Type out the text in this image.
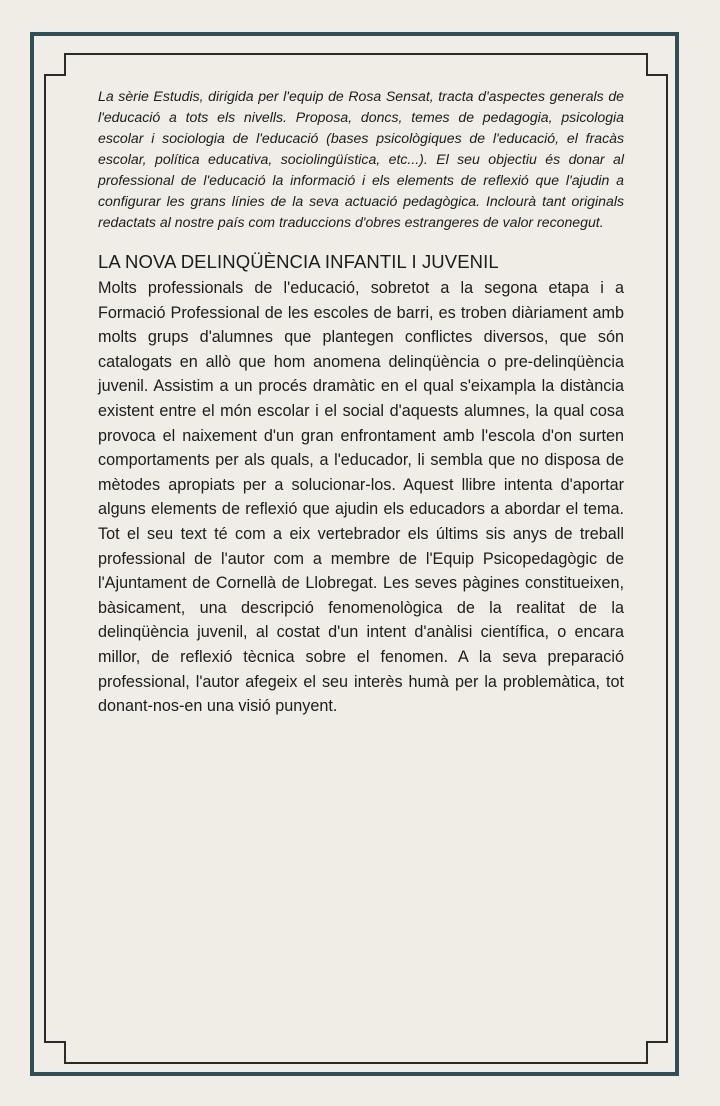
La sèrie Estudis, dirigida per l'equip de Rosa Sensat, tracta d'aspectes generals de l'educació a tots els nivells. Proposa, doncs, temes de pedagogia, psicologia escolar i sociologia de l'educació (bases psicològiques de l'educació, el fracàs escolar, política educativa, sociolingüística, etc...). El seu objectiu és donar al professional de l'educació la informació i els elements de reflexió que l'ajudin a configurar les grans línies de la seva actuació pedagògica. Inclourà tant originals redactats al nostre país com traduccions d'obres estrangeres de valor reconegut.

LA NOVA DELINQÜÈNCIA INFANTIL I JUVENIL

Molts professionals de l'educació, sobretot a la segona etapa i a Formació Professional de les escoles de barri, es troben diàriament amb molts grups d'alumnes que plantegen conflictes diversos, que són catalogats en allò que hom anomena delinqüència o pre-delinqüència juvenil. Assistim a un procés dramàtic en el qual s'eixampla la distància existent entre el món escolar i el social d'aquests alumnes, la qual cosa provoca el naixement d'un gran enfrontament amb l'escola d'on surten comportaments per als quals, a l'educador, li sembla que no disposa de mètodes apropiats per a solucionar-los. Aquest llibre intenta d'aportar alguns elements de reflexió que ajudin els educadors a abordar el tema. Tot el seu text té com a eix vertebrador els últims sis anys de treball professional de l'autor com a membre de l'Equip Psicopedagògic de l'Ajuntament de Cornellà de Llobregat. Les seves pàgines constitueixen, bàsicament, una descripció fenomenològica de la realitat de la delinqüència juvenil, al costat d'un intent d'anàlisi científica, o encara millor, de reflexió tècnica sobre el fenomen. A la seva preparació professional, l'autor afegeix el seu interès humà per la problemàtica, tot donant-nos-en una visió punyent.
